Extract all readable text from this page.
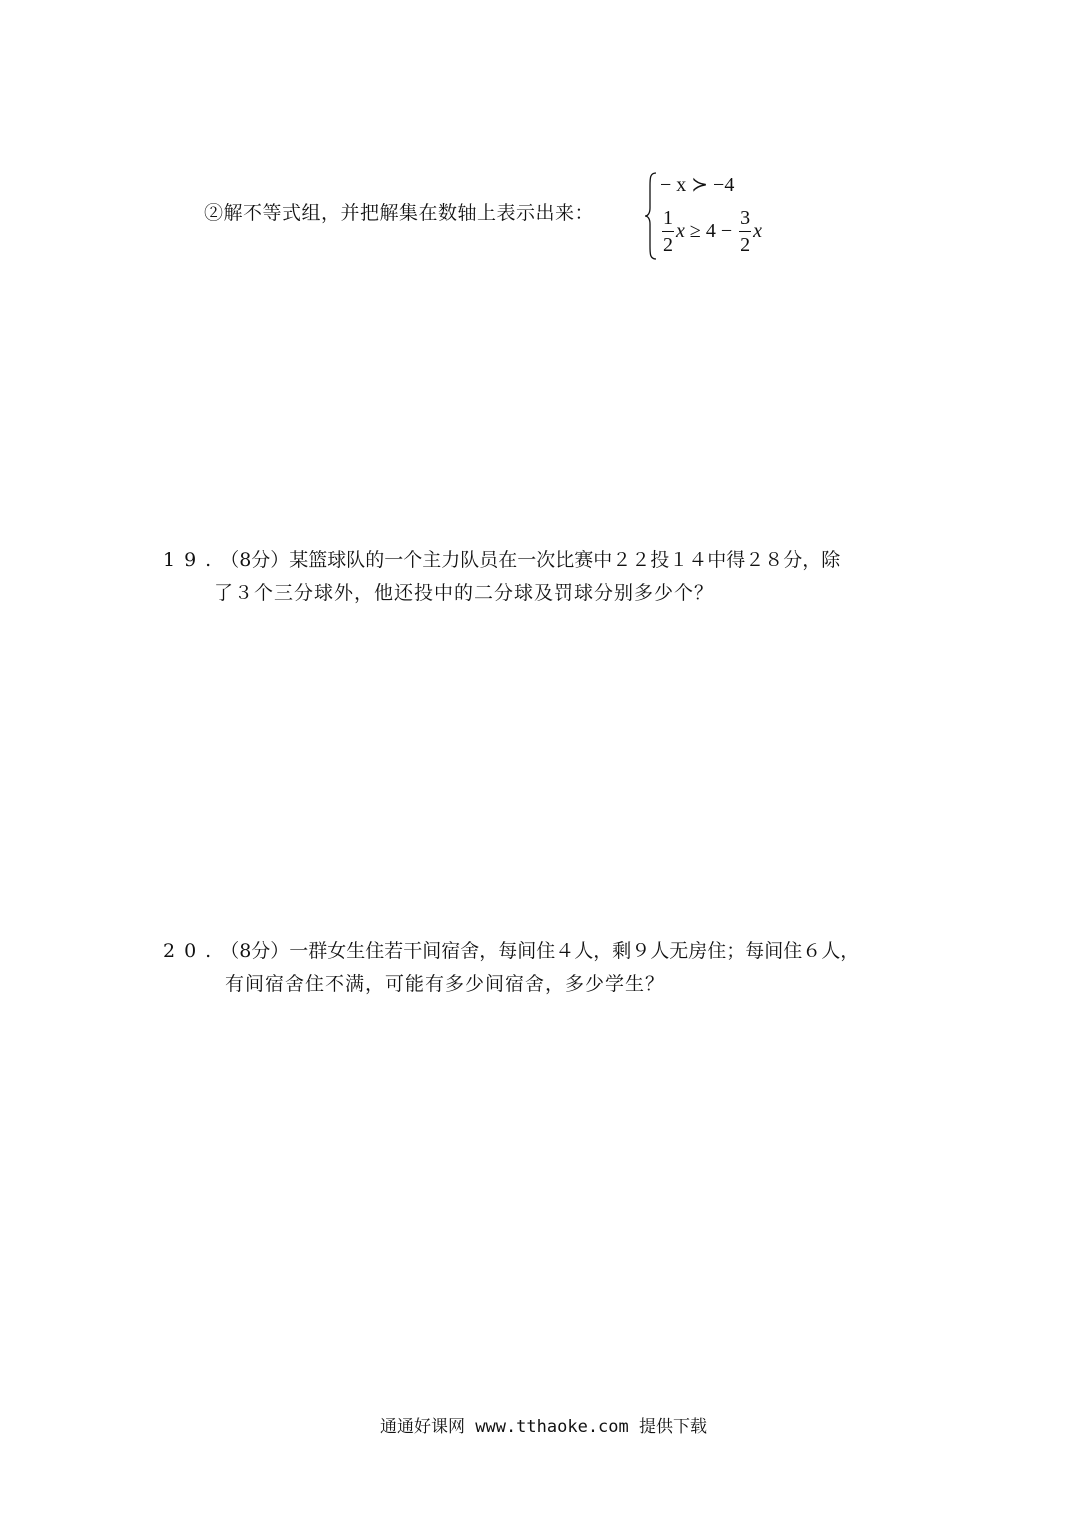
②解不等式组，并把解集在数轴上表示出来：
− x ≻ −4
$\frac{1}{2}$ $x \ge 4 - \frac{3}{2}$ x
19.（8分）某篮球队的一个主力队员在一次比赛中２２投１４中得２８分，除
了３个三分球外，他还投中的二分球及罚球分别多少个？
20.（8分）一群女生住若干间宿舍，每间住４人，剩９人无房住；每间住６人，
有间宿舍住不满，可能有多少间宿舍，多少学生？
通通好课网 www.tthaoke.com 提供下载
